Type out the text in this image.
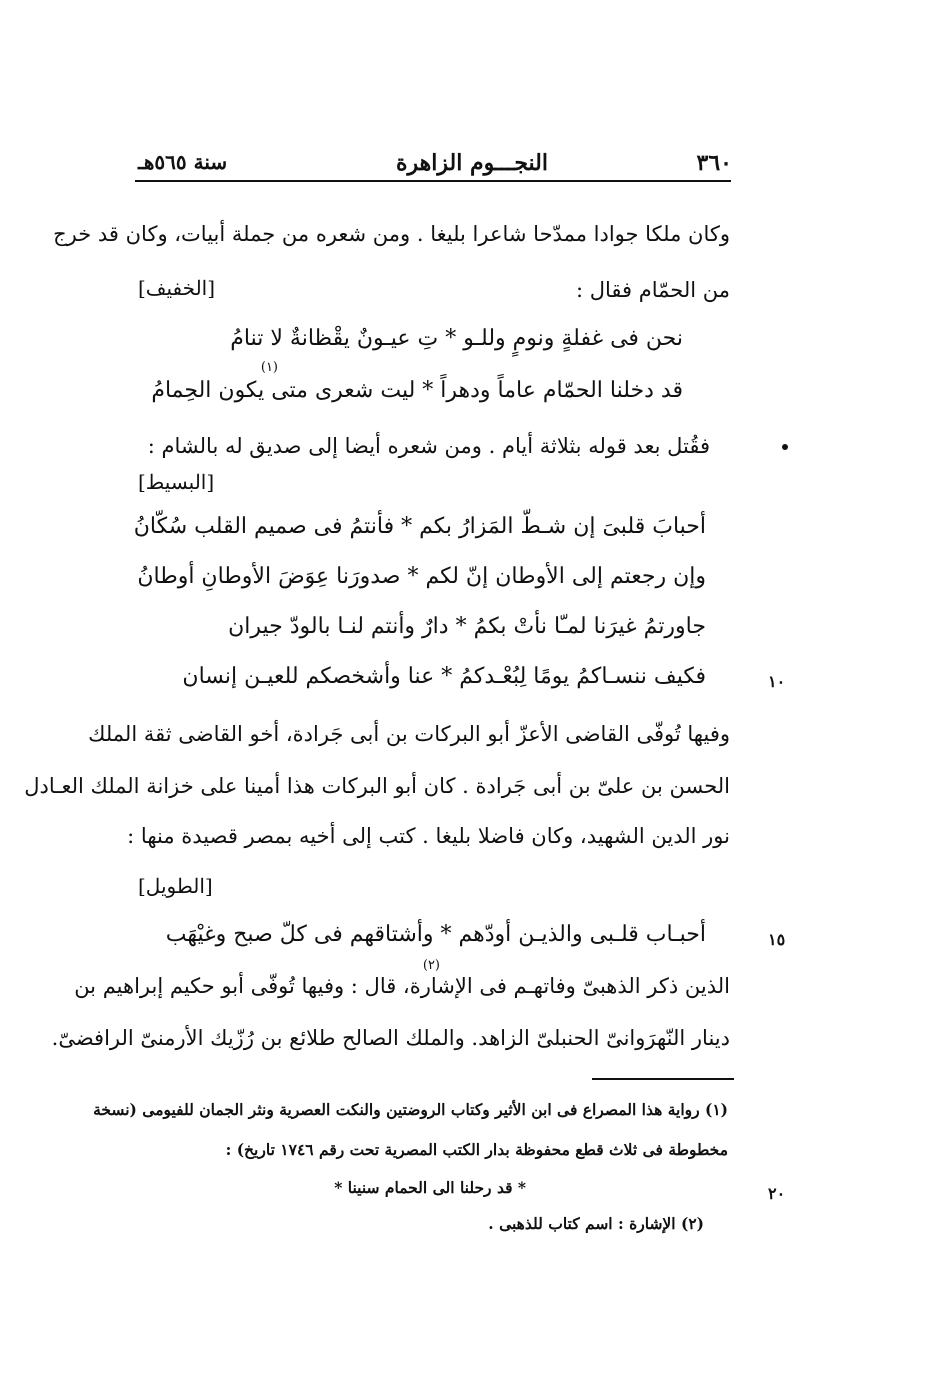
٣٦٠
النجـــوم الزاهرة
سنة ٥٦٥هـ
وكان ملكا جوادا ممدّحا شاعرا بليغا . ومن شعره من جملة أبيات، وكان قد خرج
من الحمّام فقال :
[الخفيف]
نحن فى غفلةٍ ونومٍ وللـو * تِ عيـونٌ يقْظانةٌ لا تنامُ
(١)
قد دخلنا الحمّام عاماً ودهراً * ليت شعرى متى يكون الحِمامُ
فقُتل بعد قوله بثلاثة أيام . ومن شعره أيضا إلى صديق له بالشام :
[البسيط]
أحبابَ قلبىَ إن شـطّ المَزارُ بكم * فأنتمُ فى صميم القلب سُكّانُ
وإن رجعتم إلى الأوطان إنّ لكم * صدورَنا عِوَضَ الأوطانِ أوطانُ
جاورتمُ غيرَنا لمـّا نأتْ بكمُ * دارٌ وأنتم لنـا بالودّ جيران
فكيف ننسـاكمُ يومًا لِبُعْـدكمُ * عنا وأشخصكم للعيـن إنسان	١٠
وفيها تُوفّى القاضى الأعزّ أبو البركات بن أبى جَرادة، أخو القاضى ثقة الملك
الحسن بن علىّ بن أبى جَرادة . كان أبو البركات هذا أمينا على خزانة الملك العـادل
نور الدين الشهيد، وكان فاضلا بليغا . كتب إلى أخيه بمصر قصيدة منها :
[الطويل]
أحبـاب قلـبى والذيـن أودّهم * وأشتاقهم فى كلّ صبح وغيْهَب	١٥
(٢)
الذين ذكر الذهبىّ وفاتهـم فى الإشارة، قال : وفيها تُوفّى أبو حكيم إبراهيم بن
دينار النّهرَوانىّ الحنبلىّ الزاهد. والملك الصالح طلائع بن رُزّيك الأرمنىّ الرافضىّ.
(١) رواية هذا المصراع فى ابن الأثير وكتاب الروضتين والنكت العصرية ونثر الجمان للفيومى (نسخة
مخطوطة فى ثلاث قطع محفوظة بدار الكتب المصرية تحت رقم ١٧٤٦ تاريخ) :
* قد رحلنا الى الحمام سنينا *	٢٠
(٢) الإشارة : اسم كتاب للذهبى .
